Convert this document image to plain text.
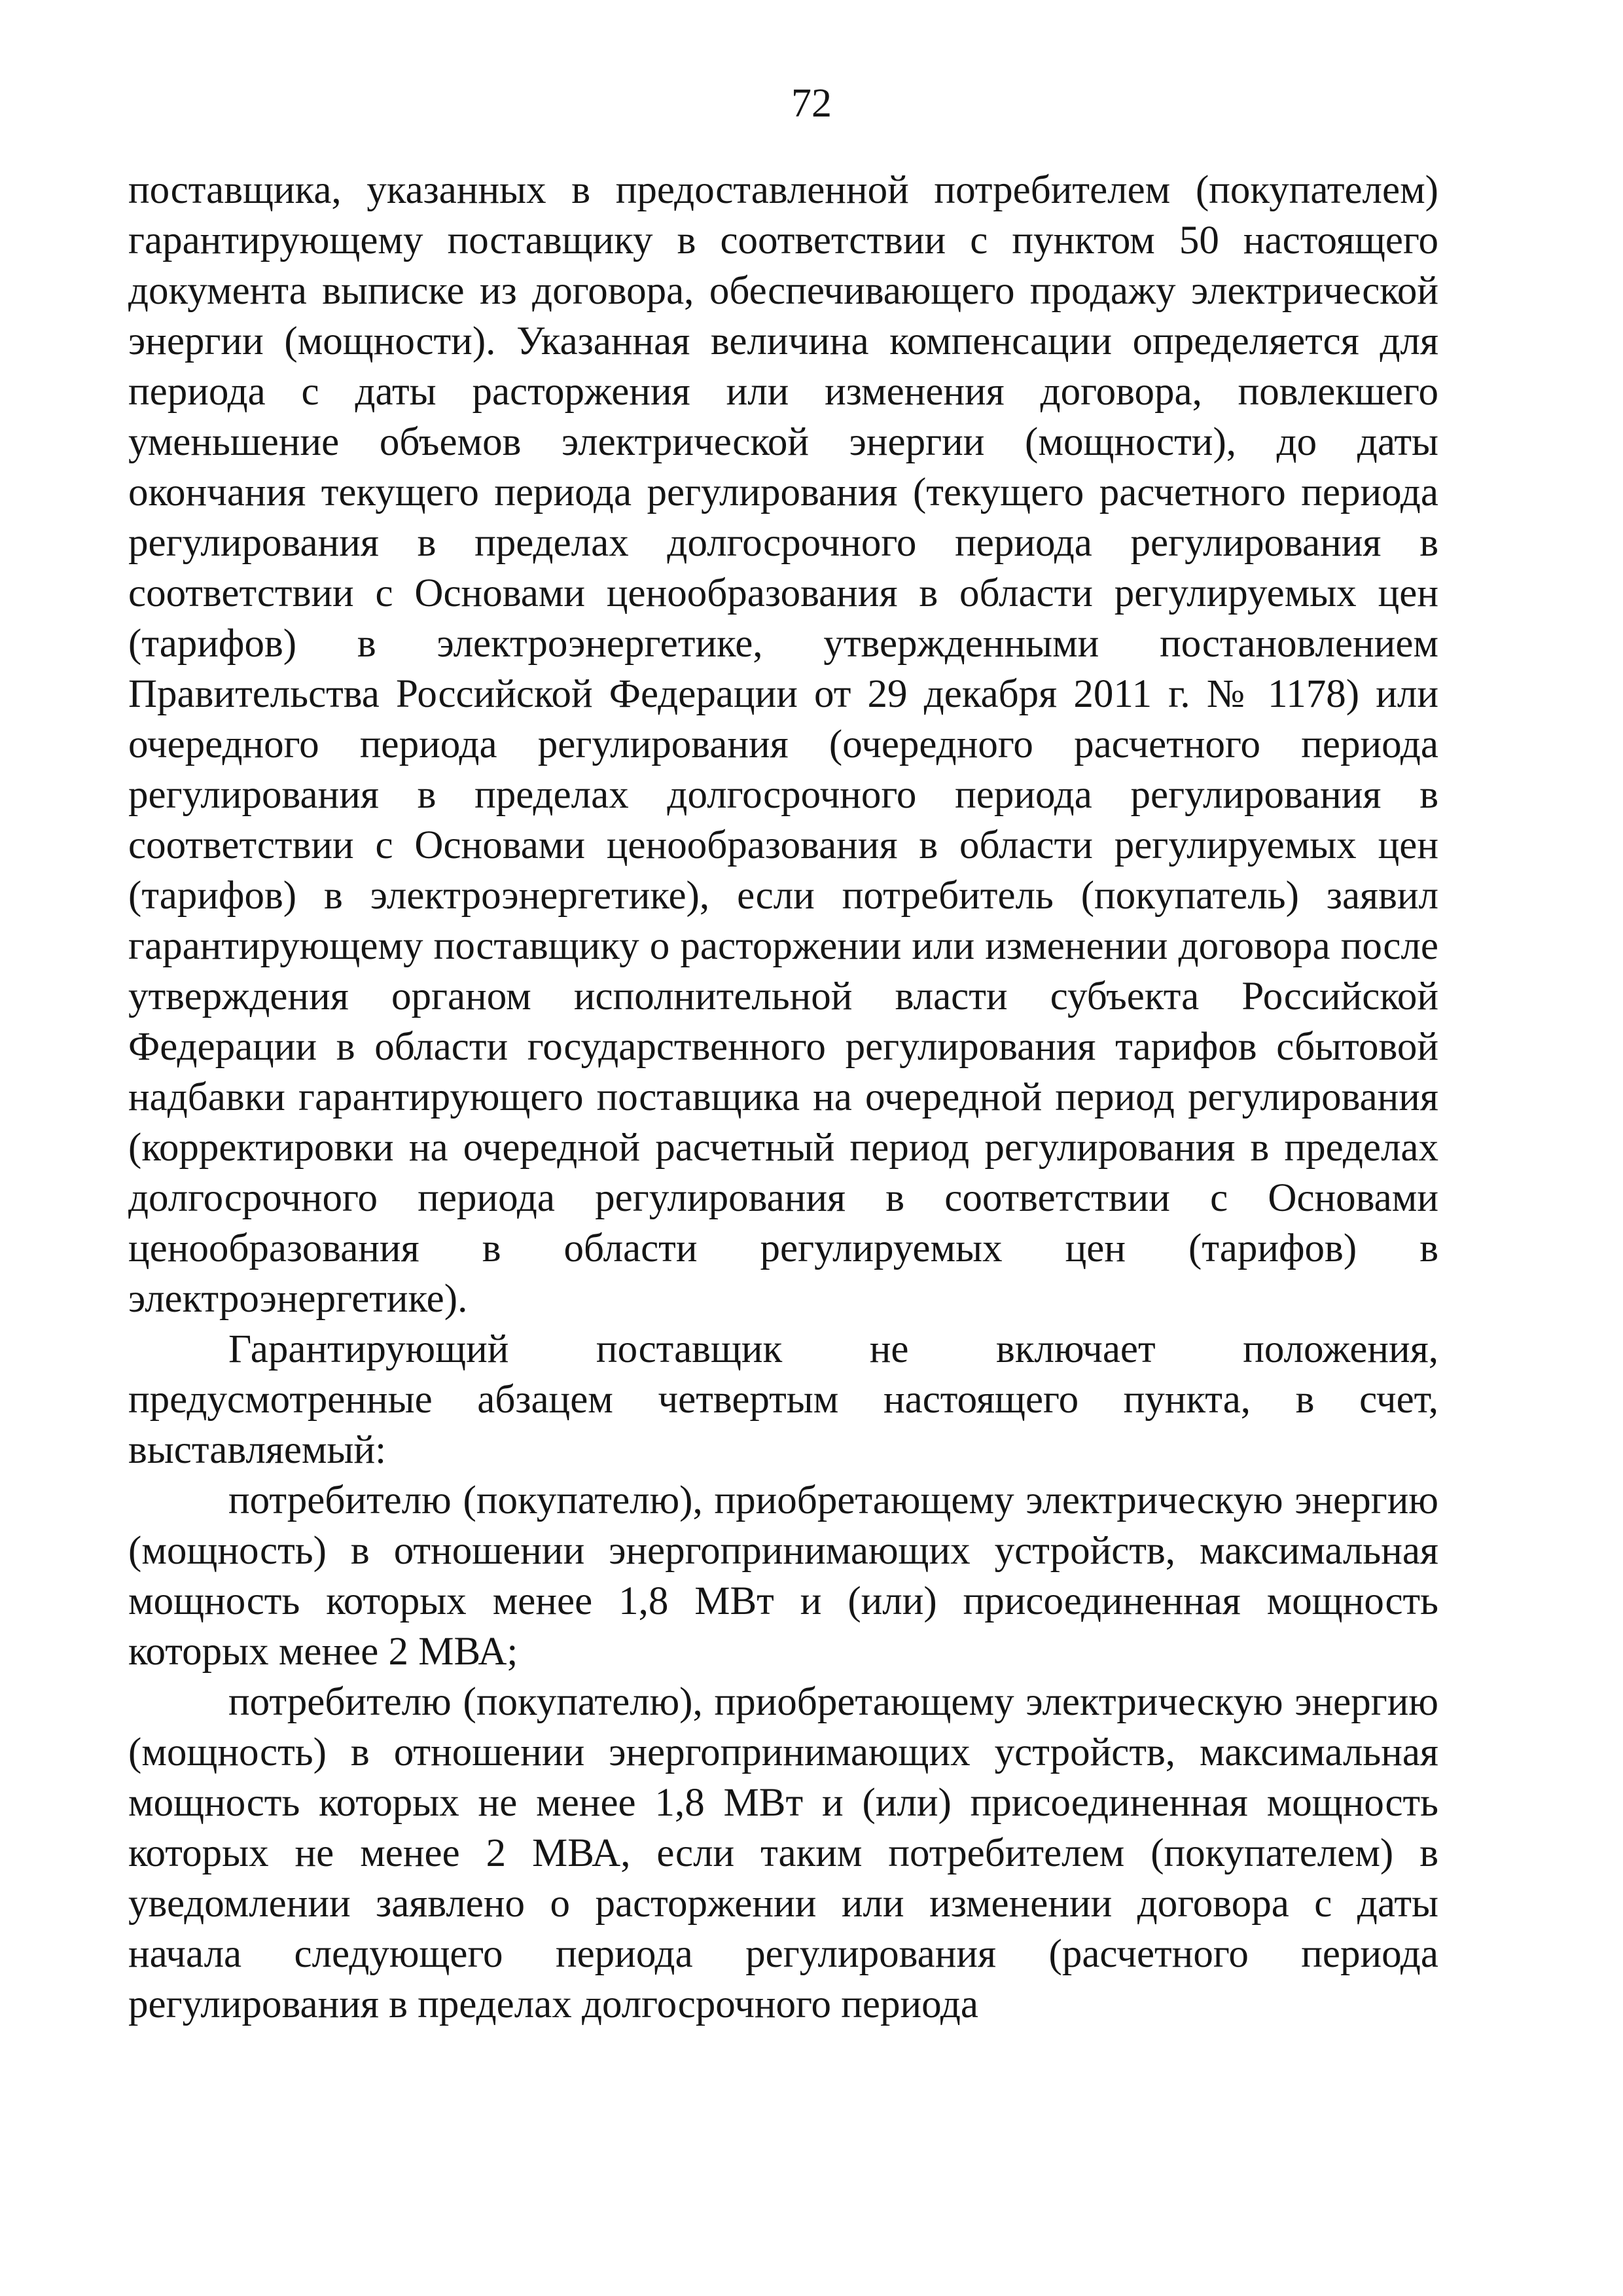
72

поставщика, указанных в предоставленной потребителем (покупателем) гарантирующему поставщику в соответствии с пунктом 50 настоящего документа выписке из договора, обеспечивающего продажу электрической энергии (мощности). Указанная величина компенсации определяется для периода с даты расторжения или изменения договора, повлекшего уменьшение объемов электрической энергии (мощности), до даты окончания текущего периода регулирования (текущего расчетного периода регулирования в пределах долгосрочного периода регулирования в соответствии с Основами ценообразования в области регулируемых цен (тарифов) в электроэнергетике, утвержденными постановлением Правительства Российской Федерации от 29 декабря 2011 г. № 1178) или очередного периода регулирования (очередного расчетного периода регулирования в пределах долгосрочного периода регулирования в соответствии с Основами ценообразования в области регулируемых цен (тарифов) в электроэнергетике), если потребитель (покупатель) заявил гарантирующему поставщику о расторжении или изменении договора после утверждения органом исполнительной власти субъекта Российской Федерации в области государственного регулирования тарифов сбытовой надбавки гарантирующего поставщика на очередной период регулирования (корректировки на очередной расчетный период регулирования в пределах долгосрочного периода регулирования в соответствии с Основами ценообразования в области регулируемых цен (тарифов) в электроэнергетике).

Гарантирующий поставщик не включает положения, предусмотренные абзацем четвертым настоящего пункта, в счет, выставляемый:

потребителю (покупателю), приобретающему электрическую энергию (мощность) в отношении энергопринимающих устройств, максимальная мощность которых менее 1,8 МВт и (или) присоединенная мощность которых менее 2 МВА;

потребителю (покупателю), приобретающему электрическую энергию (мощность) в отношении энергопринимающих устройств, максимальная мощность которых не менее 1,8 МВт и (или) присоединенная мощность которых не менее 2 МВА, если таким потребителем (покупателем) в уведомлении заявлено о расторжении или изменении договора с даты начала следующего периода регулирования (расчетного периода регулирования в пределах долгосрочного периода
